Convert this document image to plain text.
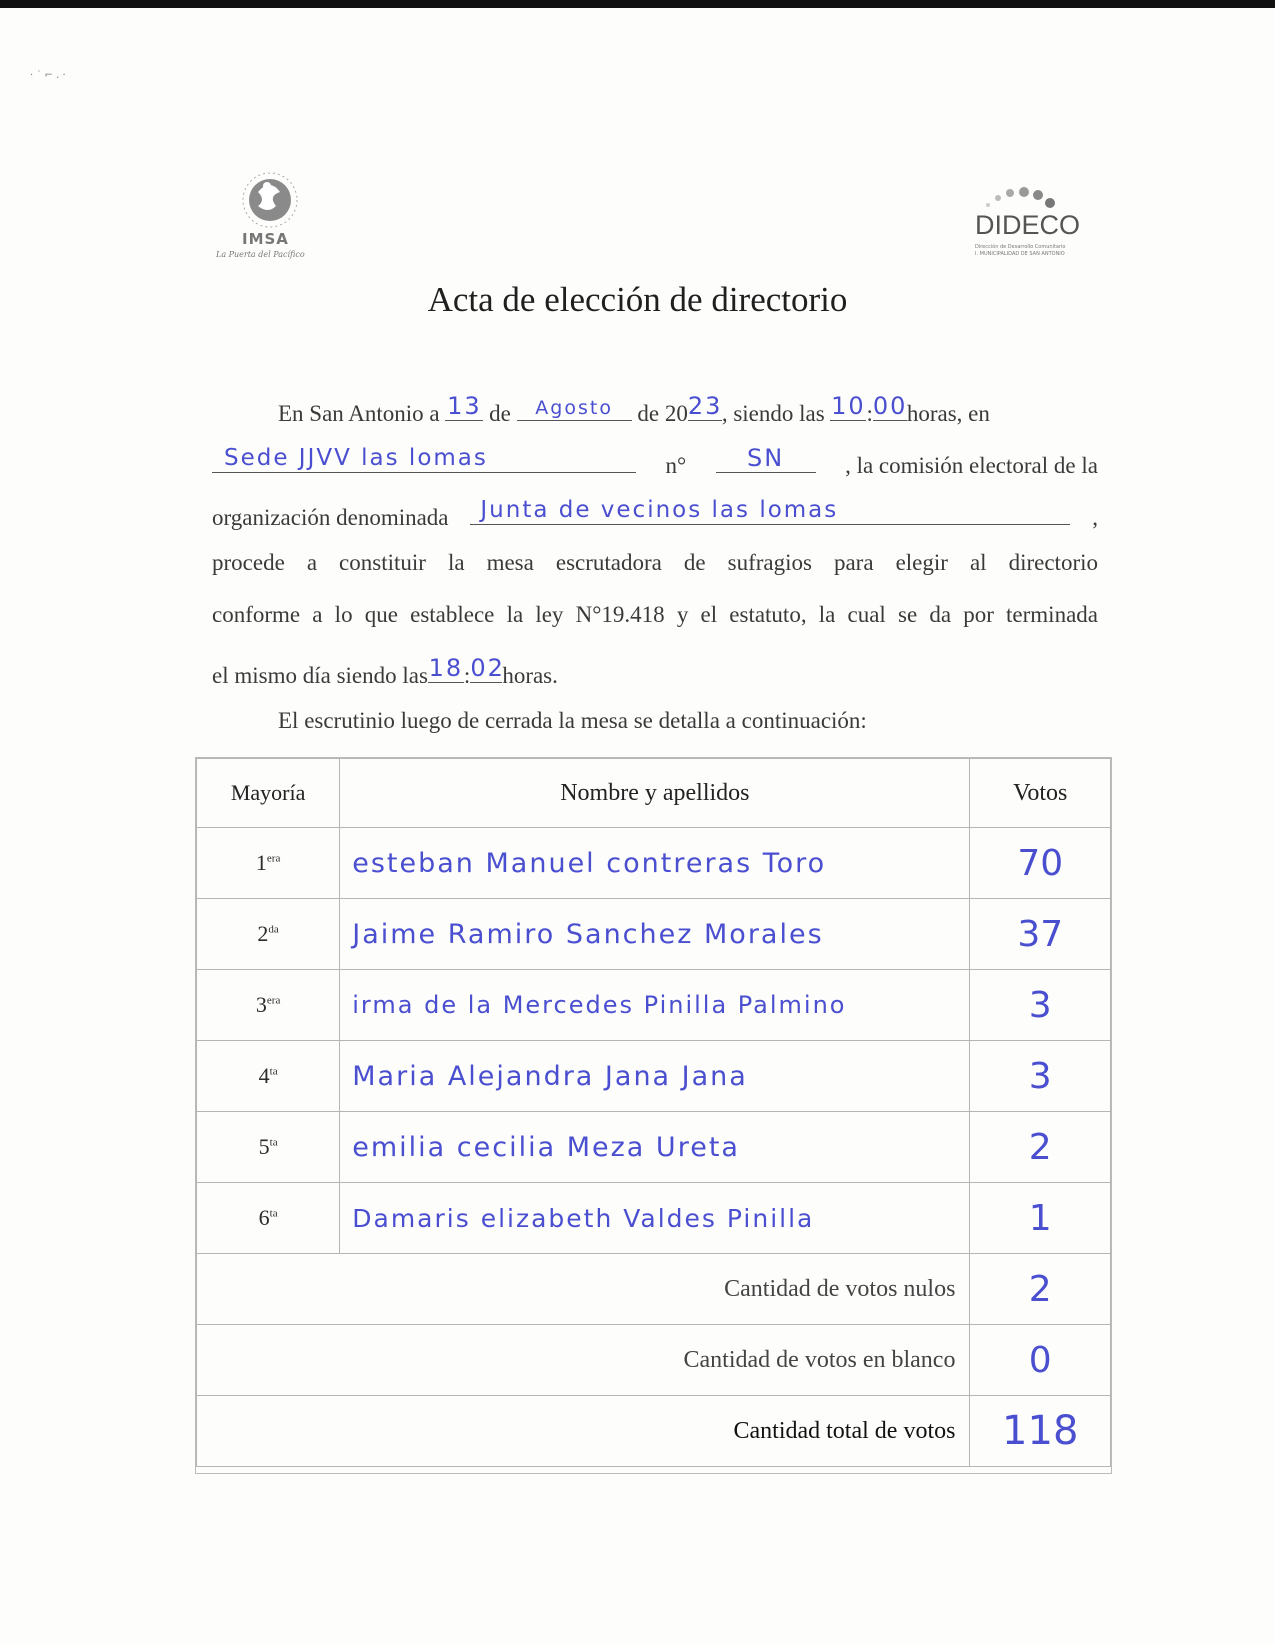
· ˙ ⌐ . ·
IMSA
La Puerta del Pacífico
DIDECO
Dirección de Desarrollo Comunitario
I. MUNICIPALIDAD DE SAN ANTONIO
Acta de elección de directorio
En San Antonio a 13 de	Agosto	de 20 23 , siendo las 10 : 00 horas, en
Sede JJVV las lomas	n°	SN	, la comisión electoral de la
organización denominada	Junta de vecinos las lomas	,
procede a constituir la mesa escrutadora de sufragios para elegir al directorio
conforme a lo que establece la ley N°19.418 y el estatuto, la cual se da por terminada
el mismo día siendo las 18 : 02
horas.
El escrutinio luego de cerrada la mesa se detalla a continuación:
Mayoría	Nombre y apellidos	Votos
$1^{era}$	esteban Manuel contreras Toro	70
$2^{da}$	Jaime Ramiro Sanchez Morales	37
$3^{era}$	irma de la Mercedes Pinilla Palmino	3
$4^{ta}$	Maria Alejandra Jana Jana	3
$5^{ta}$	emilia cecilia Meza Ureta	2
$6^{ta}$	Damaris elizabeth Valdes Pinilla	1
Cantidad de votos nulos		2
Cantidad de votos en blanco		0
Cantidad total de votos		118
